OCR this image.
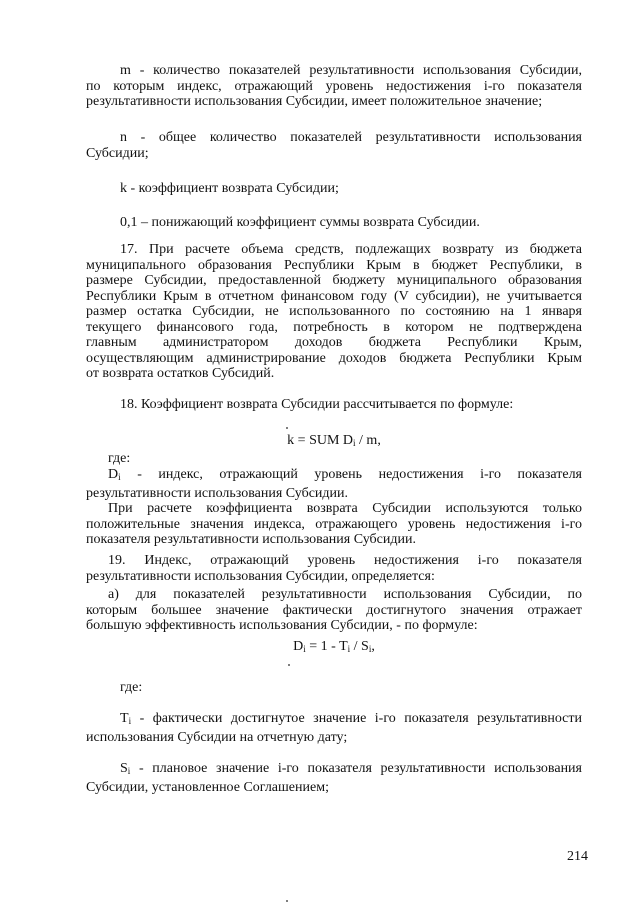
m - количество показателей результативности использования Субсидии,
по которым индекс, отражающий уровень недостижения i-го показателя
результативности использования Субсидии, имеет положительное значение;
n - общее количество показателей результативности использования
Субсидии;
k - коэффициент возврата Субсидии;
0,1 – понижающий коэффициент суммы возврата Субсидии.
17. При расчете объема средств, подлежащих возврату из бюджета
муниципального образования Республики Крым в бюджет Республики, в
размере Субсидии, предоставленной бюджету муниципального образования
Республики Крым в отчетном финансовом году (V субсидии), не учитывается
размер остатка Субсидии, не использованного по состоянию на 1 января
текущего финансового года, потребность в котором не подтверждена
главным администратором доходов бюджета Республики Крым,
осуществляющим администрирование доходов бюджета Республики Крым
от возврата остатков Субсидий.
18. Коэффициент возврата Субсидии рассчитывается по формуле:
k = SUM $D_i$ / m,
где:
$D_i$ - индекс, отражающий уровень недостижения i-го показателя
результативности использования Субсидии.
При расчете коэффициента возврата Субсидии используются только
положительные значения индекса, отражающего уровень недостижения i-го
показателя результативности использования Субсидии.
19. Индекс, отражающий уровень недостижения i-го показателя
результативности использования Субсидии, определяется:
а) для показателей результативности использования Субсидии, по
которым большее значение фактически достигнутого значения отражает
большую эффективность использования Субсидии, - по формуле:
$D_i = 1 - T_i / S_i$,
где:
$T_i$ - фактически достигнутое значение i-го показателя результативности
использования Субсидии на отчетную дату;
$S_i$ - плановое значение i-го показателя результативности использования
Субсидии, установленное Соглашением;
214
